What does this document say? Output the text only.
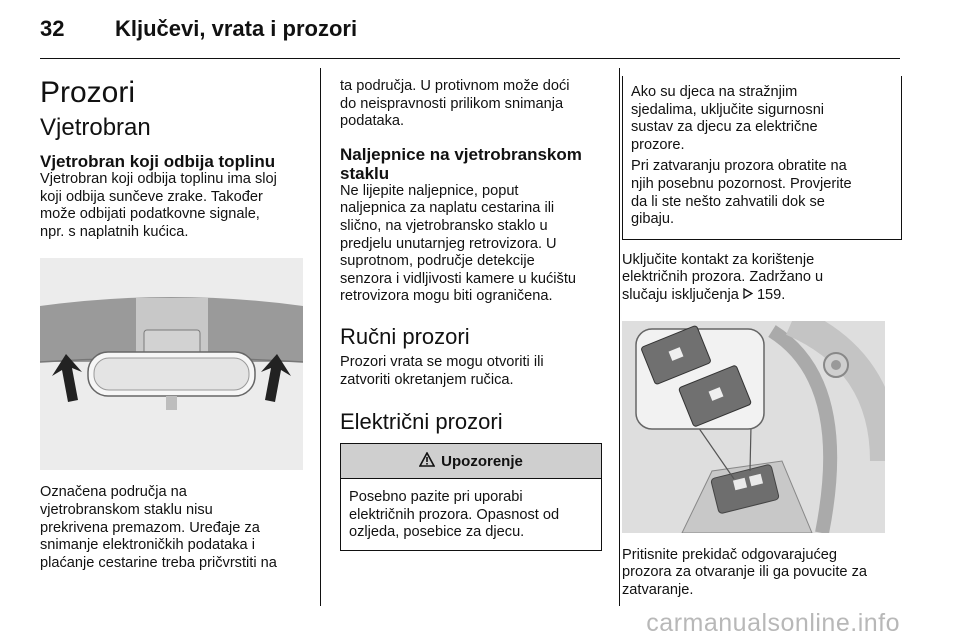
32 Ključevi, vrata i prozori
Prozori
Vjetrobran
Vjetrobran koji odbija toplinu

Vjetrobran koji odbija toplinu ima sloj
koji odbija sunčeve zrake. Također
može odbijati podatkovne signale,
npr. s naplatnih kućica.

Označena područja na
vjetrobranskom staklu nisu
prekrivena premazom. Uređaje za
snimanje elektroničkih podataka i
plaćanje cestarine treba pričvrstiti na

ta područja. U protivnom može doći
do neispravnosti prilikom snimanja
podataka.

Naljepnice na vjetrobranskom
staklu

Ne lijepite naljepnice, poput
naljepnica za naplatu cestarina ili
slično, na vjetrobransko staklo u
predjelu unutarnjeg retrovizora. U
suprotnom, područje detekcije
senzora i vidljivosti kamere u kućištu
retrovizora mogu biti ograničena.

Ručni prozori

Prozori vrata se mogu otvoriti ili
zatvoriti okretanjem ručica.

Električni prozori
Upozorenje

Posebno pazite pri uporabi
električnih prozora. Opasnost od
ozljeda, posebice za djecu.

Ako su djeca na stražnjim
sjedalima, uključite sigurnosni
sustav za djecu za električne
prozore.

Pri zatvaranju prozora obratite na
njih posebnu pozornost. Provjerite
da li ste nešto zahvatili dok se
gibaju.

Uključite kontakt za korištenje
električnih prozora. Zadržano u
slučaju isključenja 159.

Pritisnite prekidač odgovarajućeg
prozora za otvaranje ili ga povucite za
zatvaranje.

carmanualsonline.info
